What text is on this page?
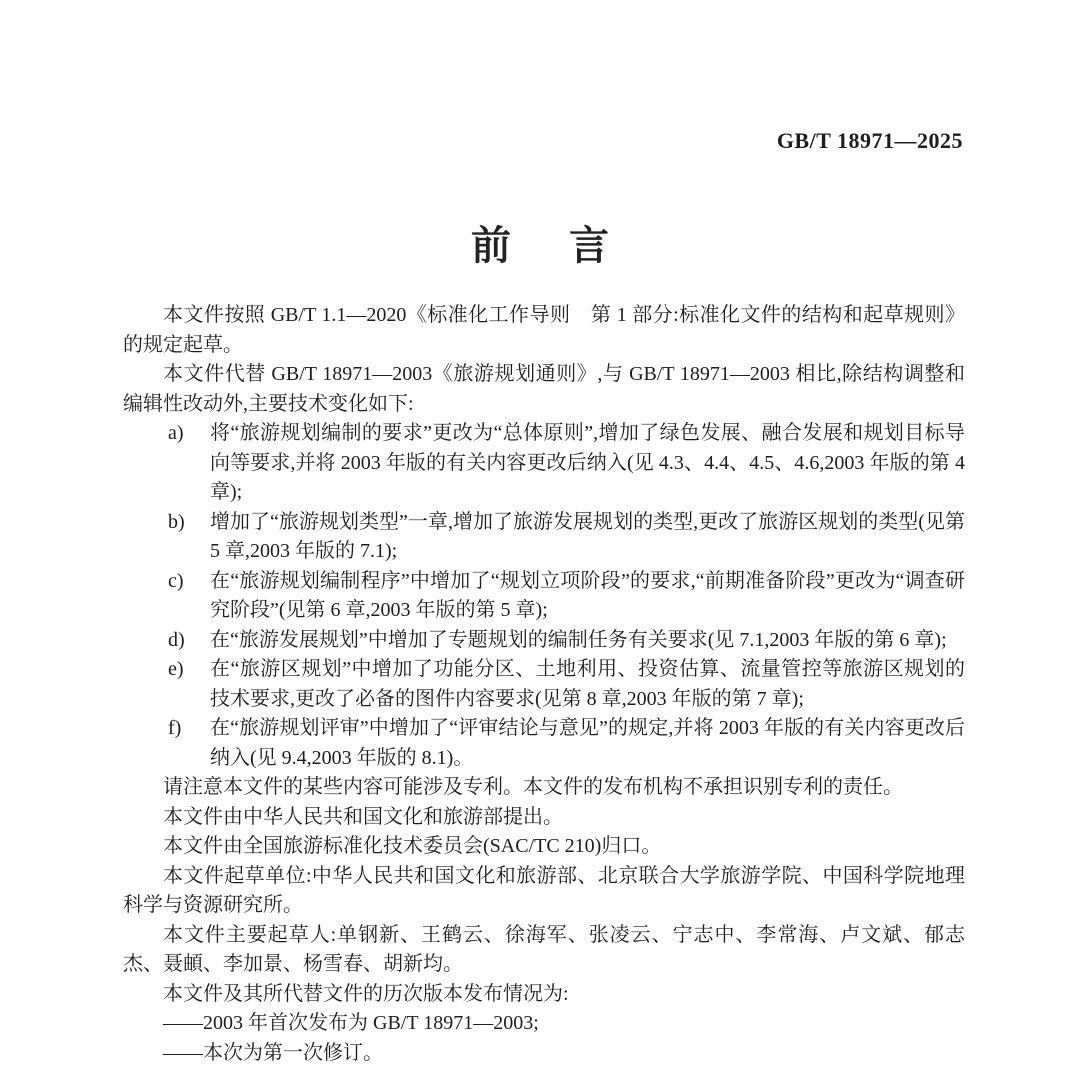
GB/T 18971—2025
前 言

本文件按照 GB/T 1.1—2020《标准化工作导则　第 1 部分:标准化文件的结构和起草规则》的规定起草。

本文件代替 GB/T 18971—2003《旅游规划通则》,与 GB/T 18971—2003 相比,除结构调整和编辑性改动外,主要技术变化如下:

a) 将“旅游规划编制的要求”更改为“总体原则”,增加了绿色发展、融合发展和规划目标导向等要求,并将 2003 年版的有关内容更改后纳入(见 4.3、4.4、4.5、4.6,2003 年版的第 4 章);
b) 增加了“旅游规划类型”一章,增加了旅游发展规划的类型,更改了旅游区规划的类型(见第 5 章,2003 年版的 7.1);
c) 在“旅游规划编制程序”中增加了“规划立项阶段”的要求,“前期准备阶段”更改为“调查研究阶段”(见第 6 章,2003 年版的第 5 章);
d) 在“旅游发展规划”中增加了专题规划的编制任务有关要求(见 7.1,2003 年版的第 6 章);
e) 在“旅游区规划”中增加了功能分区、土地利用、投资估算、流量管控等旅游区规划的技术要求,更改了必备的图件内容要求(见第 8 章,2003 年版的第 7 章);
f) 在“旅游规划评审”中增加了“评审结论与意见”的规定,并将 2003 年版的有关内容更改后纳入(见 9.4,2003 年版的 8.1)。

请注意本文件的某些内容可能涉及专利。本文件的发布机构不承担识别专利的责任。

本文件由中华人民共和国文化和旅游部提出。

本文件由全国旅游标准化技术委员会(SAC/TC 210)归口。

本文件起草单位:中华人民共和国文化和旅游部、北京联合大学旅游学院、中国科学院地理科学与资源研究所。

本文件主要起草人:单钢新、王鹤云、徐海军、张凌云、宁志中、李常海、卢文斌、郁志杰、聂頔、李加景、杨雪春、胡新均。

本文件及其所代替文件的历次版本发布情况为:

——2003 年首次发布为 GB/T 18971—2003;

——本次为第一次修订。
